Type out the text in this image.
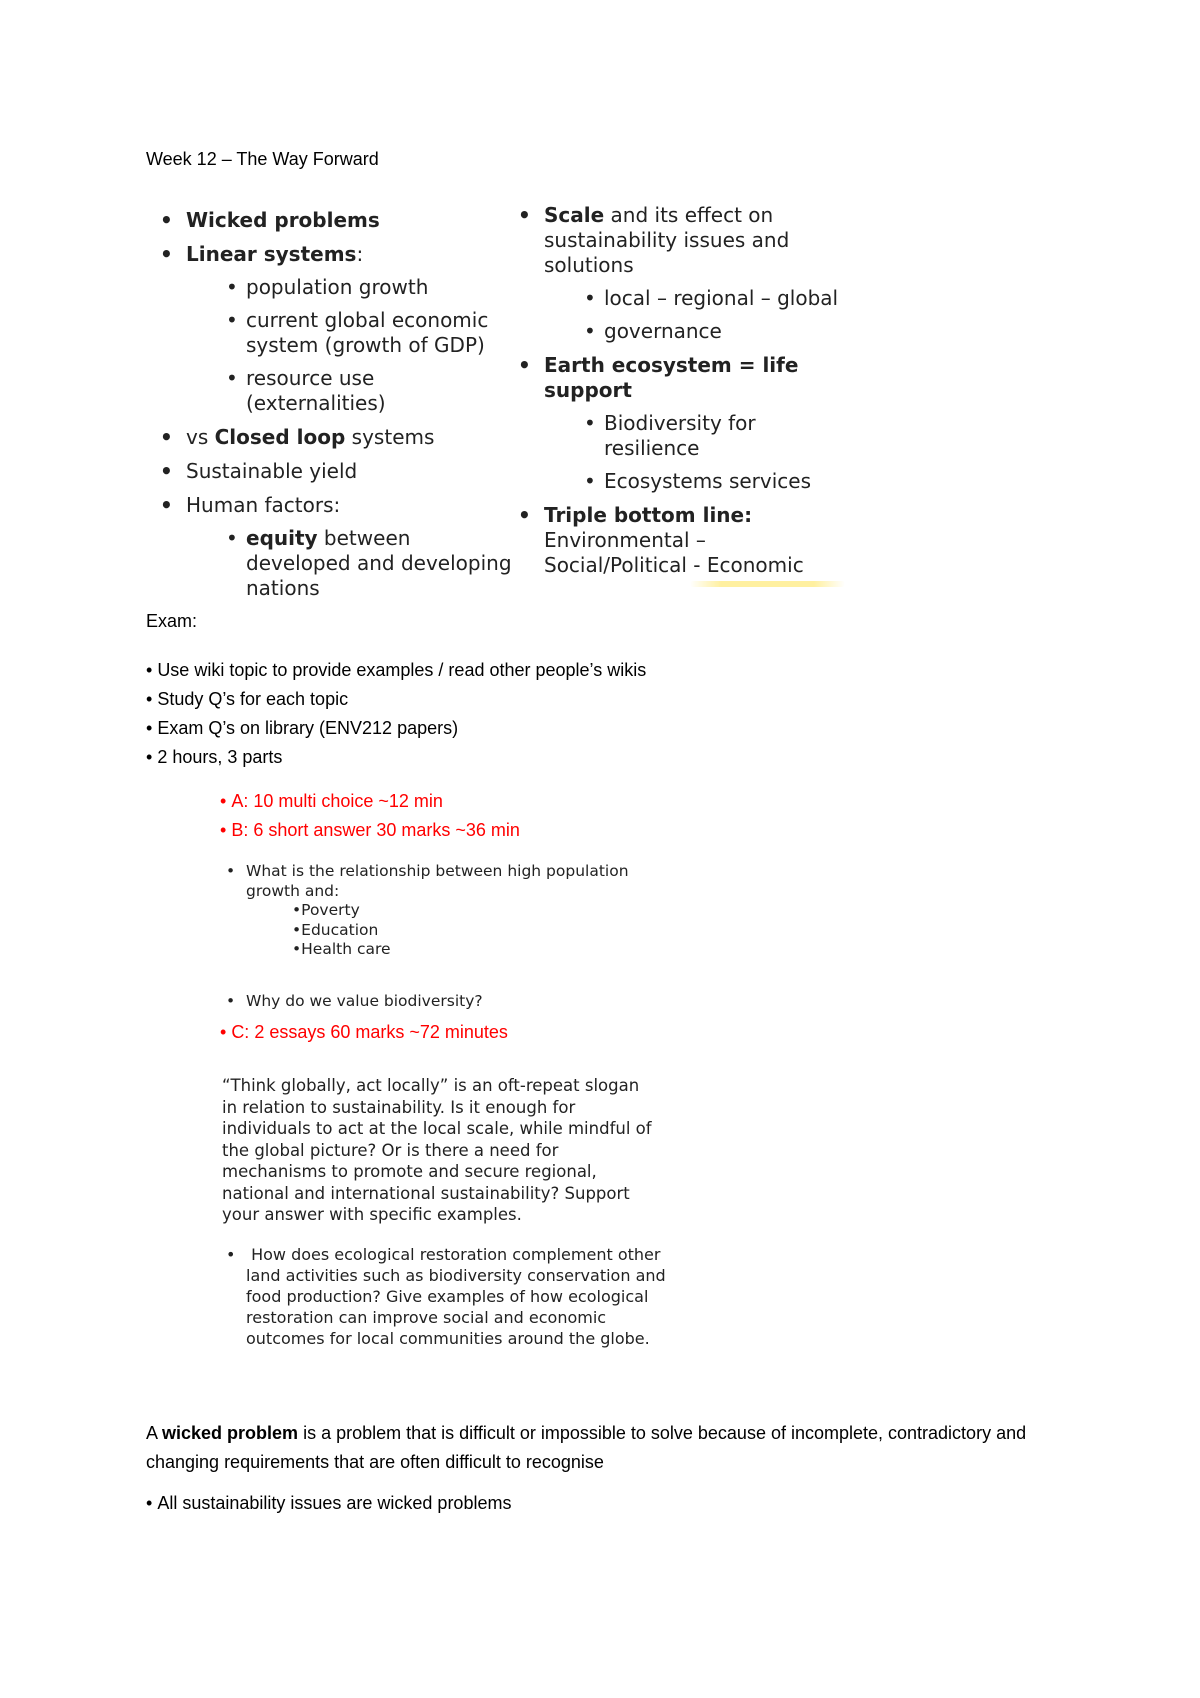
Week 12 – The Way Forward
• Wicked problems
• Linear systems:
• population growth
• current global economic system (growth of GDP)
• resource use (externalities)
• vs Closed loop systems
• Sustainable yield
• Human factors:
• equity between developed and developing nations
• Scale and its effect on sustainability issues and solutions
• local – regional – global
• governance
• Earth ecosystem = life support
• Biodiversity for resilience
• Ecosystems services
• Triple bottom line:
Environmental –
Social/Political - Economic

Exam:

• Use wiki topic to provide examples / read other people’s wikis
• Study Q’s for each topic
• Exam Q’s on library (ENV212 papers)
• 2 hours, 3 parts
• A: 10 multi choice ~12 min
• B: 6 short answer 30 marks ~36 min
• What is the relationship between high population
growth and:
•Poverty
•Education
•Health care
• Why do we value biodiversity?
• C: 2 essays 60 marks ~72 minutes
“Think globally, act locally” is an oft-repeat slogan
in relation to sustainability. Is it enough for
individuals to act at the local scale, while mindful of
the global picture? Or is there a need for
mechanisms to promote and secure regional,
national and international sustainability? Support
your answer with specific examples.
• How does ecological restoration complement other
land activities such as biodiversity conservation and
food production? Give examples of how ecological
restoration can improve social and economic
outcomes for local communities around the globe.

A wicked problem is a problem that is difficult or impossible to solve because of incomplete, contradictory and changing requirements that are often difficult to recognise

• All sustainability issues are wicked problems
